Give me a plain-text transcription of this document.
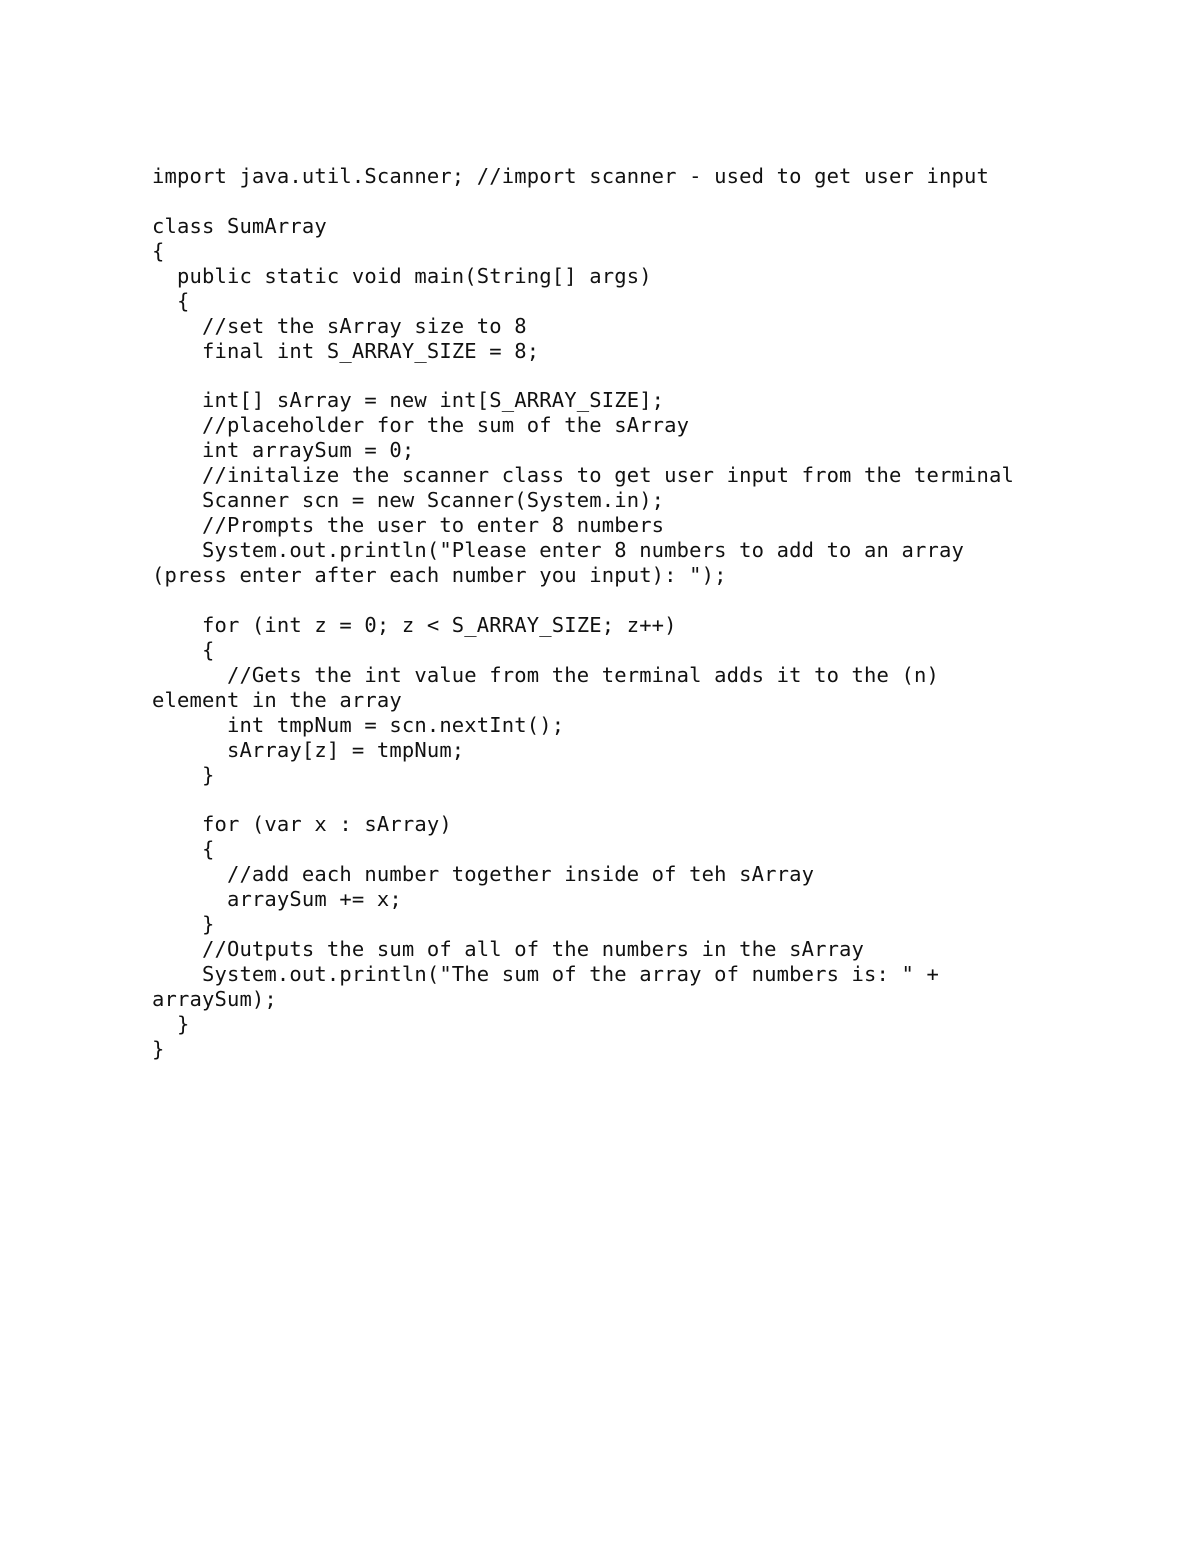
import java.util.Scanner; //import scanner - used to get user input
class SumArray
{
public static void main(String[] args)
{
//set the sArray size to 8
final int S_ARRAY_SIZE = 8;
int[] sArray = new int[S_ARRAY_SIZE];
//placeholder for the sum of the sArray
int arraySum = 0;
//initalize the scanner class to get user input from the terminal
Scanner scn = new Scanner(System.in);
//Prompts the user to enter 8 numbers
System.out.println("Please enter 8 numbers to add to an array
(press enter after each number you input): ");
for (int z = 0; z < S_ARRAY_SIZE; z++)
{
//Gets the int value from the terminal adds it to the (n)
element in the array
int tmpNum = scn.nextInt();
sArray[z] = tmpNum;
}
for (var x : sArray)
{
//add each number together inside of teh sArray
arraySum += x;
}
//Outputs the sum of all of the numbers in the sArray
System.out.println("The sum of the array of numbers is: " +
arraySum);
}
}
